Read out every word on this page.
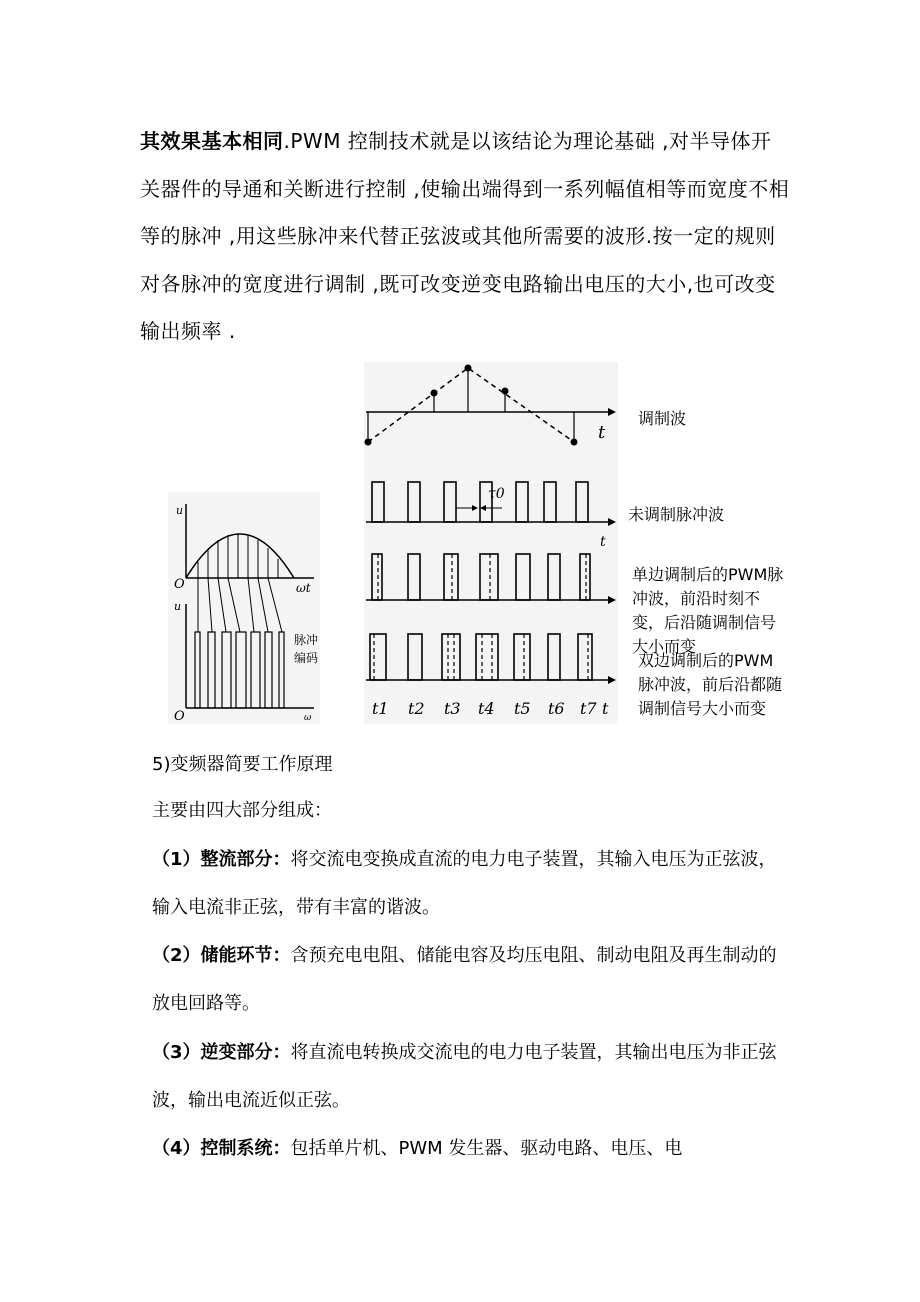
其效果基本相同.PWM 控制技术就是以该结论为理论基础 ,对半导体开关器件的导通和关断进行控制 ,使输出端得到一系列幅值相等而宽度不相等的脉冲 ,用这些脉冲来代替正弦波或其他所需要的波形.按一定的规则对各脉冲的宽度进行调制 ,既可改变逆变电路输出电压的大小,也可改变输出频率 .
u
O	ωt
u
O	ω
脉冲
编码
t
τ0
t
t1 t2 t3 t4 t5 t6 t7 t
调制波
未调制脉冲波
单边调制后的PWM脉冲波，前沿时刻不变，后沿随调制信号大小而变
双边调制后的PWM脉冲波，前后沿都随调制信号大小而变
5)变频器简要工作原理
主要由四大部分组成：
（1）整流部分：将交流电变换成直流的电力电子装置，其输入电压为正弦波，输入电流非正弦，带有丰富的谐波。
（2）储能环节：含预充电电阻、储能电容及均压电阻、制动电阻及再生制动的放电回路等。
（3）逆变部分：将直流电转换成交流电的电力电子装置，其输出电压为非正弦波，输出电流近似正弦。
（4）控制系统：包括单片机、PWM 发生器、驱动电路、电压、电
